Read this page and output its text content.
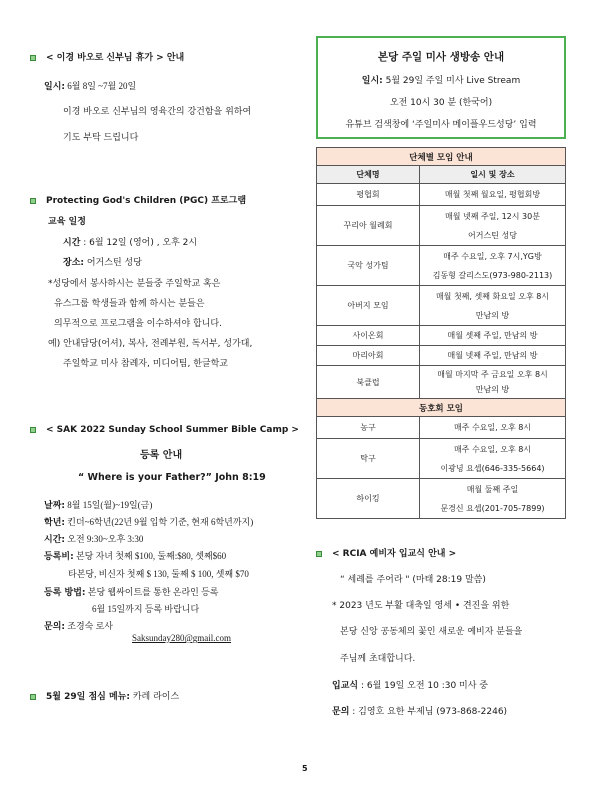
< 이경 바오로 신부님 휴가 > 안내
일시: 6월 8일 ~7월 20일
이경 바오로 신부님의 영육간의 강건함을 위하여
기도 부탁 드립니다
Protecting God's Children (PGC) 프로그램
교육 일정
시간 : 6월 12일 (영어) , 오후 2시
장소: 어거스틴 성당
*성당에서 봉사하시는 분들중 주일학교 혹은
유스그룹 학생들과 함께 하시는 분들은
의무적으로 프로그램을 이수하셔야 합니다.
예) 안내담당(어셔), 복사, 전례부원, 독서부, 성가대,
주일학교 미사 참례자, 미디어팀, 한글학교
< SAK 2022 Sunday School Summer Bible Camp >
등록 안내
“ Where is your Father?” John 8:19
날짜: 8월 15일(월)~19일(금)
학년: 킨더~6학년(22년 9월 입학 기준, 현재 6학년까지)
시간: 오전 9:30~오후 3:30
등록비: 본당 자녀 첫째 $100, 둘째:$80, 셋째$60
타본당, 비신자 첫째 $ 130, 둘째 $ 100, 셋째 $70
등록 방법: 본당 웹싸이트를 통한 온라인 등록
6월 15일까지 등록 바랍니다
문의: 조경숙 로사
Saksunday280@gmail.com
5월 29일 점심 메뉴: 카레 라이스
본당 주일 미사 생방송 안내
일시: 5월 29일 주일 미사 Live Stream
오전 10시 30 분 (한국어)
유튜브 검색창에 ‘주일미사 메이플우드성당’ 입력
단체별 모임 안내	
단체명	일시 및 장소
평협회	매월 첫째 월요일, 평협회방
꾸리아 월례회	매월 넷째 주일, 12시 30분
어거스틴 성당

국악 성가팀	매주 수요일, 오후 7시,YG방
김동형 갈리스도(973-980-2113)

아버지 모임	매월 첫째, 셋째 화요일 오후 8시
만남의 방

사이온회	매월 셋째 주일, 만남의 방
마리아회	매월 넷째 주일, 만남의 방
북클럽	매월 마지막 주 금요일 오후 8시
만남의 방

동호회 모임	
농구	매주 수요일, 오후 8시
탁구	매주 수요일, 오후 8시
이광녕 요셉(646-335-5664)

하이킹	매월 둘째 주일
문경신 요셉(201-705-7899)
< RCIA 예비자 입교식 안내 >
“ 세례를 주어라 " (마태 28:19 말씀)
* 2023 년도 부활 대축일 영세 • 견진을 위한
본당 신앙 공동체의 꽃인 새로운 예비자 분들을
주님께 초대합니다.
입교식 : 6월 19일 오전 10 :30 미사 중
문의 : 김영호 요한 부제님 (973-868-2246)
5
